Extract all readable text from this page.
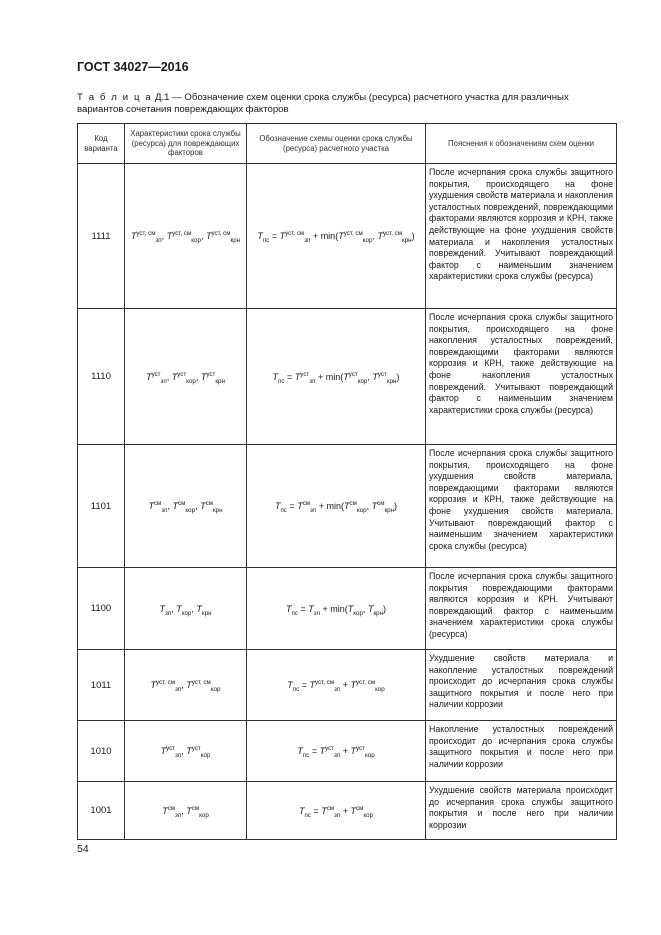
ГОСТ 34027—2016
Т а б л и ц а Д.1 — Обозначение схем оценки срока службы (ресурса) расчетного участка для различных вариантов сочетания повреждающих факторов
Код варианта	Характеристики срока службы (ресурса) для повреждающих факторов	Обозначение схемы оценки срока службы (ресурса) расчетного участка	Пояснения к обозначениям схем оценки
1111	$T^{уст, см}_{зп}$, $T^{уст, см}_{кор}$, $T^{уст, см}_{крн}$	$T_{пс} = T^{уст, см}_{зп} + \min(T^{уст, см}_{кор}$, $T^{уст, см}_{крн}$)	После исчерпания срока службы защитного покрытия, происходящего на фоне ухудшения свойств материала и накопления усталостных повреждений, повреждающими факторами являются коррозия и КРН, также действующие на фоне ухудшения свойств материала и накопления усталостных повреждений. Учитывают повреждающий фактор с наименьшим значением характеристики срока службы (ресурса)
1110	$T^{уст}_{зп}$, $T^{уст}_{кор}$, $T^{уст}_{крн}$	$T_{пс} = T^{уст}_{зп} + \min(T^{уст}_{кор}$, $T^{уст}_{крн}$)	После исчерпания срока службы защитного покрытия, происходящего на фоне накопления усталостных повреждений, повреждающими факторами являются коррозия и КРН, также действующие на фоне накопления усталостных повреждений. Учитывают повреждающий фактор с наименьшим значением характеристики срока службы (ресурса)
1101	$T^{см}_{зп}$, $T^{см}_{кор}$, $T^{см}_{крн}$	$T_{пс} = T^{см}_{зп} + \min(T^{см}_{кор}$, $T^{см}_{крн}$)	После исчерпания срока службы защитного покрытия, происходящего на фоне ухудшения свойств материала, повреждающими факторами являются коррозия и КРН, также действующие на фоне ухудшения свойств материала. Учитывают повреждающий фактор с наименьшим значением характеристики срока службы (ресурса)
1100	$T_{зп}$, $T_{кор}$, $T_{крн}$	$T_{пс} = T_{зп} + \min(T_{кор}$, $T_{крн}$)	После исчерпания срока службы защитного покрытия повреждающими факторами являются коррозия и КРН. Учитывают повреждающий фактор с наименьшим значением характеристики срока службы (ресурса)
1011	$T^{уст, см}_{зп}$, $T^{уст, см}_{кор}$	$T_{пс} = T^{уст, см}_{зп} + T^{уст, см}_{кор}$	Ухудшение свойств материала и накопление усталостных повреждений происходит до исчерпания срока службы защитного покрытия и после него при наличии коррозии
1010	$T^{уст}_{зп}$, $T^{уст}_{кор}$	$T_{пс} = T^{уст}_{зп} + T^{уст}_{кор}$	Накопление усталостных повреждений происходит до исчерпания срока службы защитного покрытия и после него при наличии коррозии
1001	$T^{см}_{зп}$, $T^{см}_{кор}$	$T_{пс} = T^{см}_{зп} + T^{см}_{кор}$	Ухудшение свойств материала происходит до исчерпания срока службы защитного покрытия и после него при наличии коррозии
54
